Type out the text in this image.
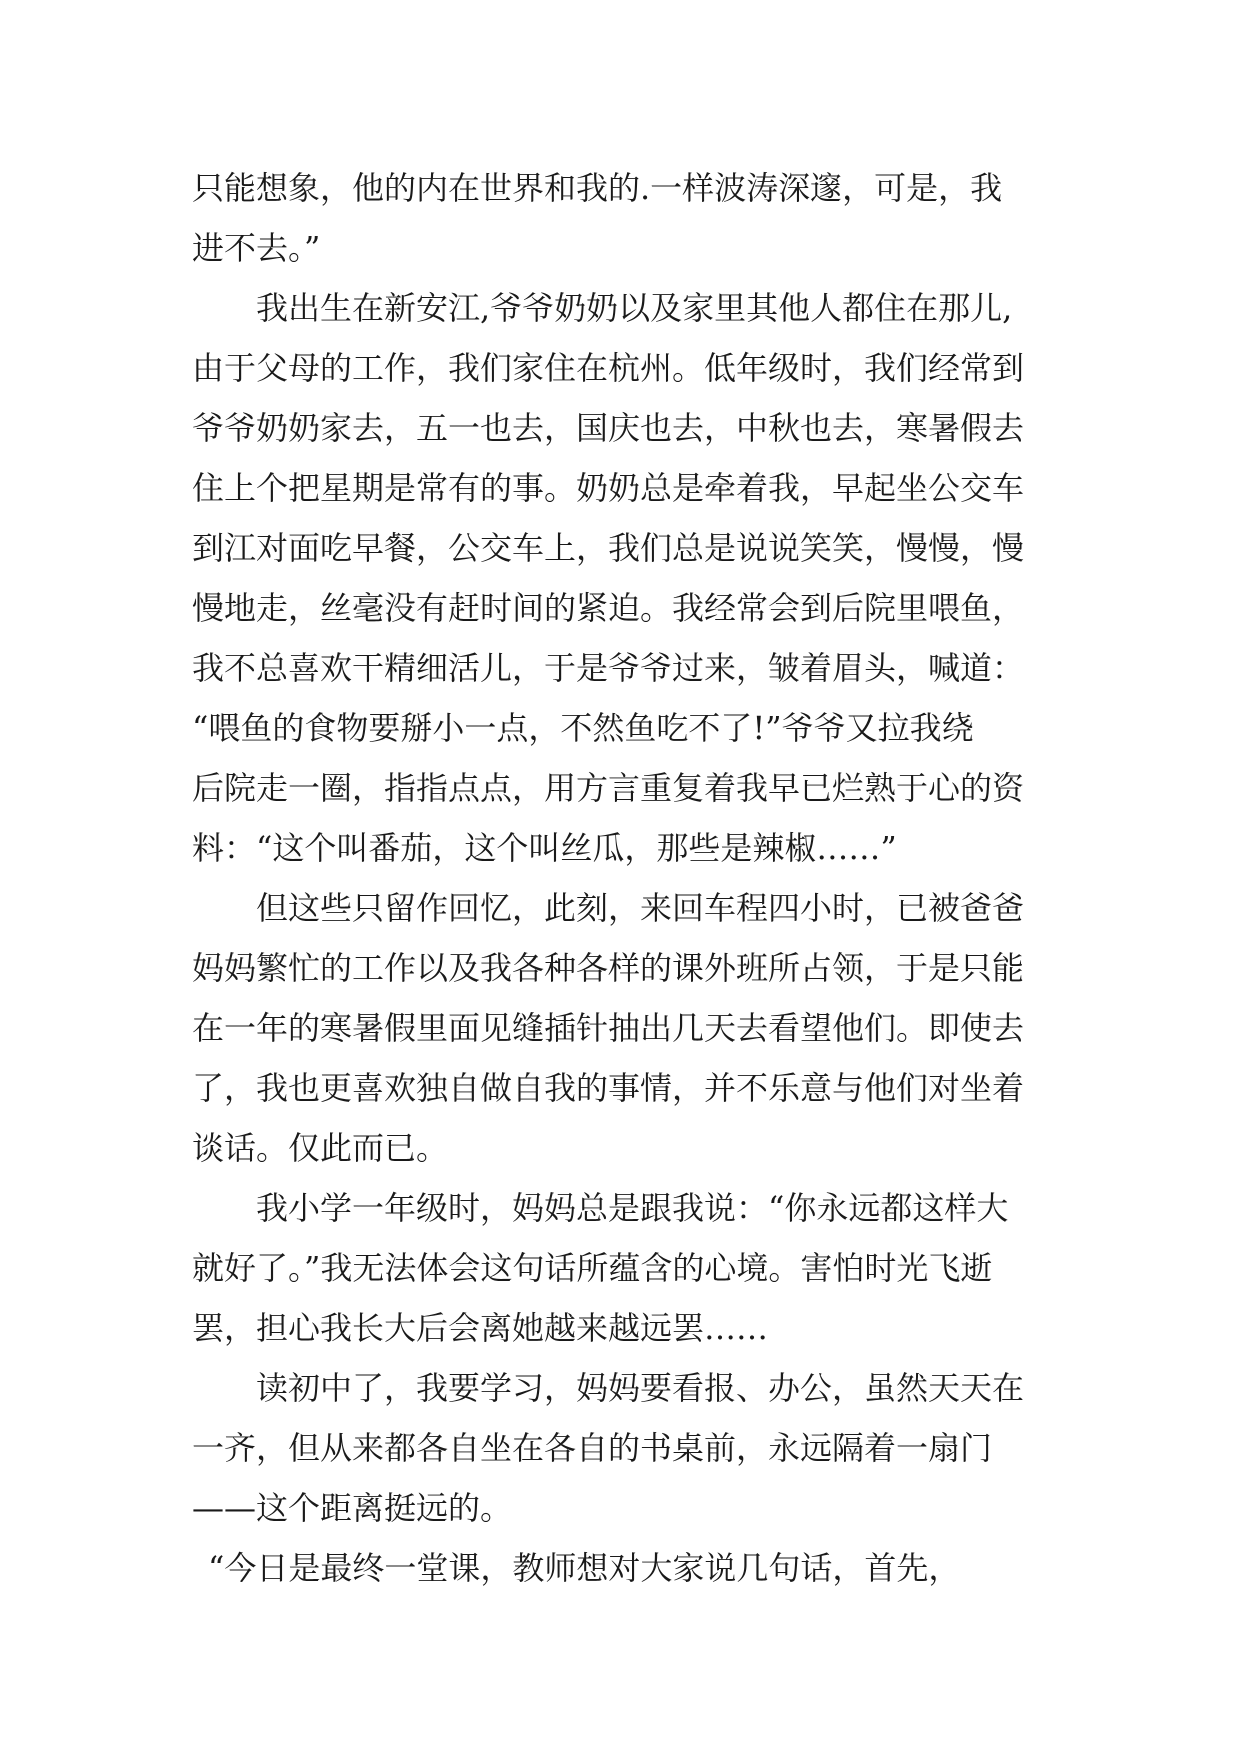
只能想象，他的内在世界和我的.一样波涛深邃，可是，我
进不去。”
我出生在新安江,爷爷奶奶以及家里其他人都住在那儿,
由于父母的工作，我们家住在杭州。低年级时，我们经常到
爷爷奶奶家去，五一也去，国庆也去，中秋也去，寒暑假去
住上个把星期是常有的事。奶奶总是牵着我，早起坐公交车
到江对面吃早餐，公交车上，我们总是说说笑笑，慢慢，慢
慢地走，丝毫没有赶时间的紧迫。我经常会到后院里喂鱼，
我不总喜欢干精细活儿，于是爷爷过来，皱着眉头，喊道：
“喂鱼的食物要掰小一点，不然鱼吃不了!”爷爷又拉我绕
后院走一圈，指指点点，用方言重复着我早已烂熟于心的资
料：“这个叫番茄，这个叫丝瓜，那些是辣椒……”
但这些只留作回忆，此刻，来回车程四小时，已被爸爸
妈妈繁忙的工作以及我各种各样的课外班所占领，于是只能
在一年的寒暑假里面见缝插针抽出几天去看望他们。即使去
了，我也更喜欢独自做自我的事情，并不乐意与他们对坐着
谈话。仅此而已。
我小学一年级时，妈妈总是跟我说：“你永远都这样大
就好了。”我无法体会这句话所蕴含的心境。害怕时光飞逝
罢，担心我长大后会离她越来越远罢……
读初中了，我要学习，妈妈要看报、办公，虽然天天在
一齐，但从来都各自坐在各自的书桌前，永远隔着一扇门
——这个距离挺远的。
“今日是最终一堂课，教师想对大家说几句话，首先，
